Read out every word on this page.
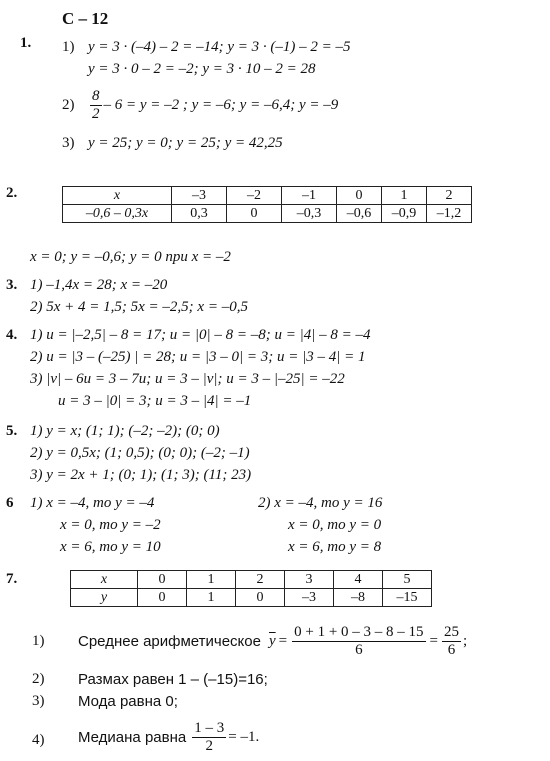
С – 12
1. 1) y = 3 · (–4) – 2 = –14; y = 3 · (–1) – 2 = –5
y = 3 · 0 – 2 = –2; y = 3 · 10 – 2 = 28
$2) \frac{8}{2} - 6 = y = -2$ ; y = –6; y = –6,4; y = –9
3) y = 25; y = 0; y = 25; y = 42,25
2.	x	–3	–2	–1	0	1	2
–0,6 – 0,3x	0,3	0	–0,3	–0,6	–0,9	–1,2
x = 0; y = –0,6; y = 0 при x = –2
3. 1) –1,4x = 28; x = –20
2) 5x + 4 = 1,5; 5x = –2,5; x = –0,5
4. 1) u = |–2,5| – 8 = 17; u = |0| – 8 = –8; u = |4| – 8 = –4
2) u = |3 – (–25) | = 28; u = |3 – 0| = 3; u = |3 – 4| = 1
3) |v| – 6u = 3 – 7u; u = 3 – |v|; u = 3 – |–25| = –22
u = 3 – |0| = 3; u = 3 – |4| = –1
5. 1) y = x; (1; 1); (–2; –2); (0; 0)
2) y = 0,5x; (1; 0,5); (0; 0); (–2; –1)
3) y = 2x + 1; (0; 1); (1; 3); (11; 23)
6 1) x = –4, то y = –4
x = 0, то y = –2
x = 6, то y = 10
2) x = –4, то y = 16
x = 0, то y = 0
x = 6, то y = 8
7.	x	0	1	2	3	4	5
y	0	1	0	–3	–8	–15
1) Среднее арифметическое $\overline{y} = \frac{0 + 1 + 0 - 3 - 8 - 15}{6} = \frac{25}{6}$ ;
2) Размах равен 1 – (–15)=16;
3) Мода равна 0;
4) Медиана равна $\frac{1 - 3}{2} = -1$.
